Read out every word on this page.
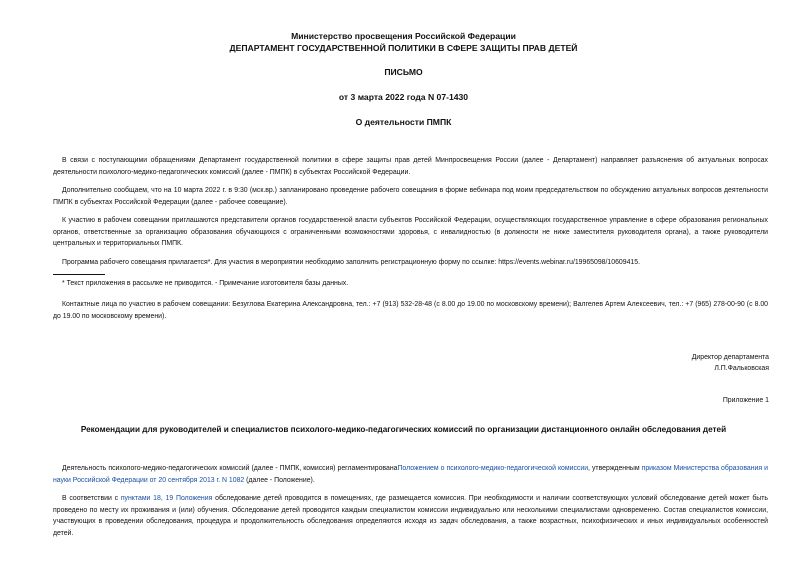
Министерство просвещения Российской Федерации
ДЕПАРТАМЕНТ ГОСУДАРСТВЕННОЙ ПОЛИТИКИ В СФЕРЕ ЗАЩИТЫ ПРАВ ДЕТЕЙ
ПИСЬМО
от 3 марта 2022 года N 07-1430
О деятельности ПМПК
В связи с поступающими обращениями Департамент государственной политики в сфере защиты прав детей Минпросвещения России (далее - Департамент) направляет разъяснения об актуальных вопросах деятельности психолого-медико-педагогических комиссий (далее - ПМПК) в субъектах Российской Федерации.
Дополнительно сообщаем, что на 10 марта 2022 г. в 9:30 (мск.вр.) запланировано проведение рабочего совещания в форме вебинара под моим председательством по обсуждению актуальных вопросов деятельности ПМПК в субъектах Российской Федерации (далее - рабочее совещание).
К участию в рабочем совещании приглашаются представители органов государственной власти субъектов Российской Федерации, осуществляющих государственное управление в сфере образования региональных органов, ответственные за организацию образования обучающихся с ограниченными возможностями здоровья, с инвалидностью (в должности не ниже заместителя руководителя органа), а также руководители центральных и территориальных ПМПК.
Программа рабочего совещания прилагается*. Для участия в мероприятии необходимо заполнить регистрационную форму по ссылке: https://events.webinar.ru/19965098/10609415.
* Текст приложения в рассылке не приводится. - Примечание изготовителя базы данных.
Контактные лица по участию в рабочем совещании: Безуглова Екатерина Александровна, тел.: +7 (913) 532-28-48 (с 8.00 до 19.00 по московскому времени); Валгелев Артем Алексеевич, тел.: +7 (965) 278-00-90 (с 8.00 до 19.00 по московскому времени).
Директор департамента
Л.П.Фальковская
Приложение 1
Рекомендации для руководителей и специалистов психолого-медико-педагогических комиссий по организации дистанционного онлайн обследования детей
Деятельность психолого-медико-педагогических комиссий (далее - ПМПК, комиссия) регламентированаПоложением о психолого-медико-педагогической комиссии, утвержденным приказом Министерства образования и науки Российской Федерации от 20 сентября 2013 г. N 1082 (далее - Положение).
В соответствии с пунктами 18, 19 Положения обследование детей проводится в помещениях, где размещается комиссия. При необходимости и наличии соответствующих условий обследование детей может быть проведено по месту их проживания и (или) обучения. Обследование детей проводится каждым специалистом комиссии индивидуально или несколькими специалистами одновременно. Состав специалистов комиссии, участвующих в проведении обследования, процедура и продолжительность обследования определяются исходя из задач обследования, а также возрастных, психофизических и иных индивидуальных особенностей детей.
